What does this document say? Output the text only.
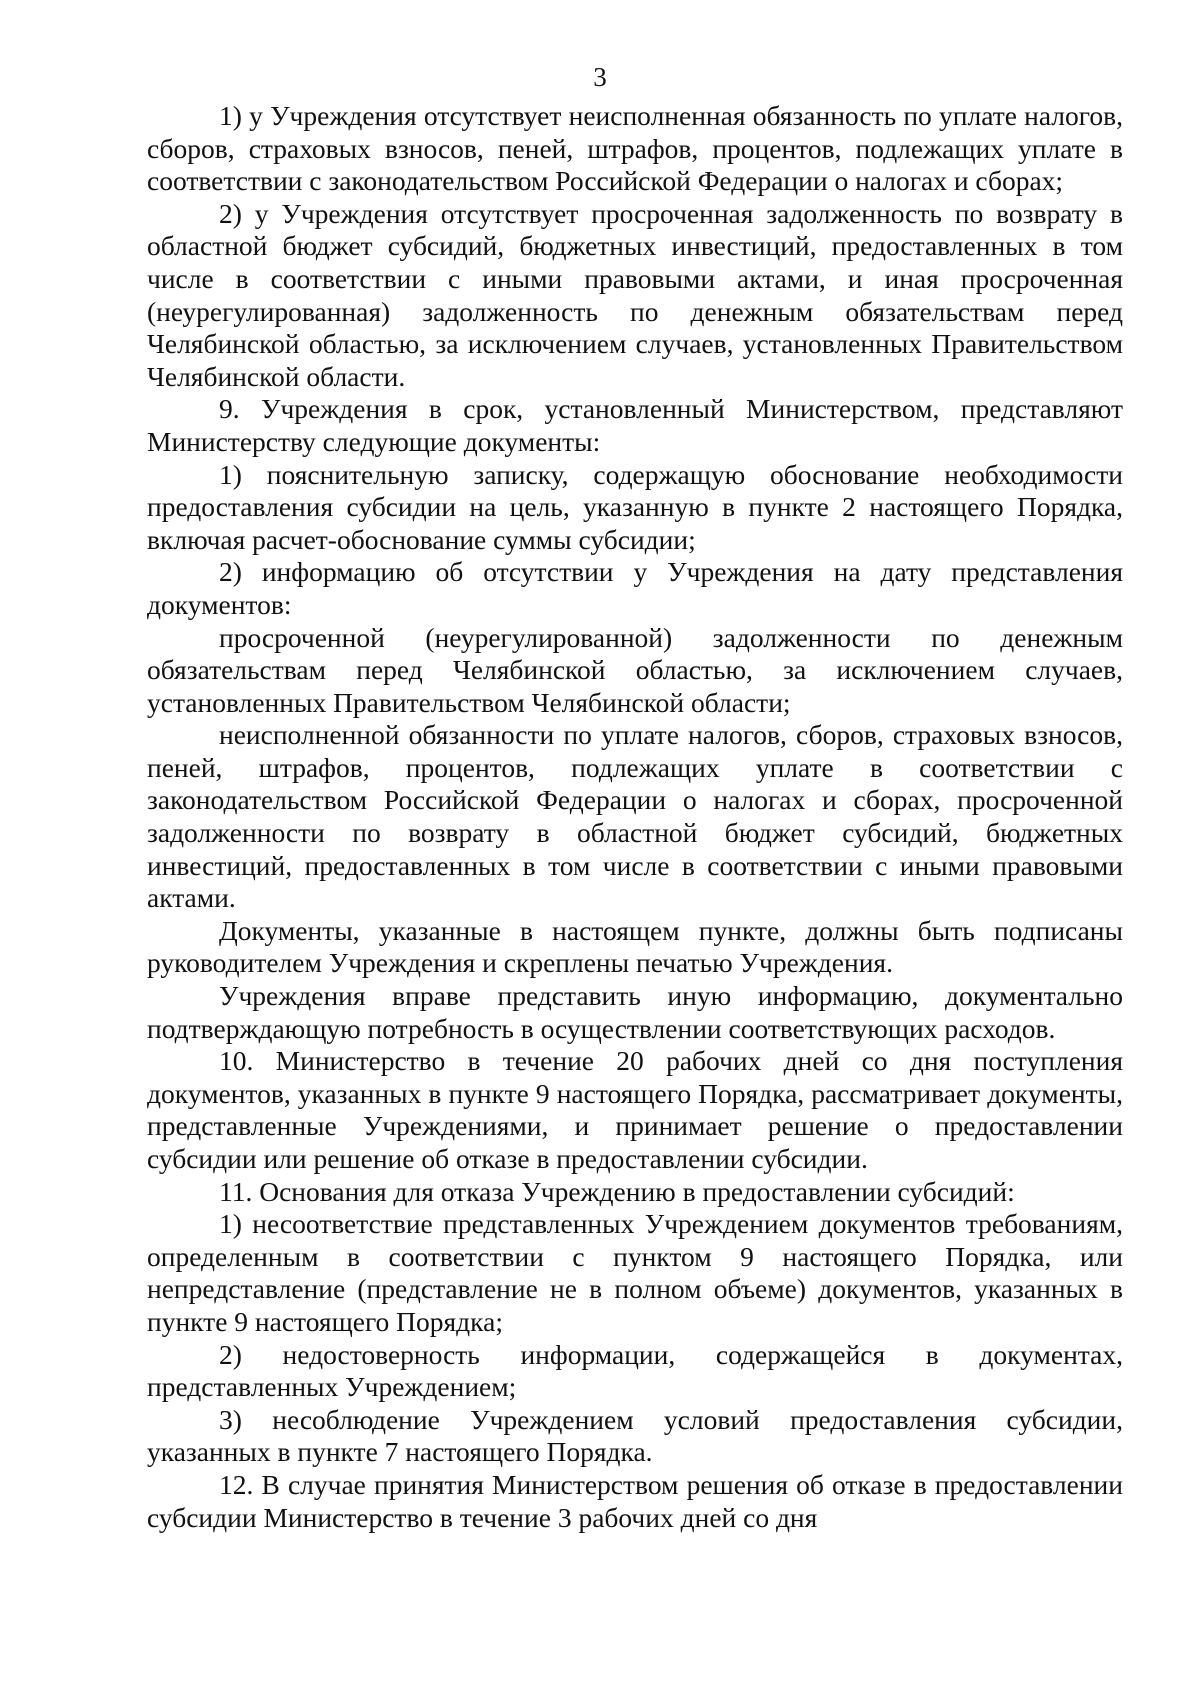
3

1) у Учреждения отсутствует неисполненная обязанность по уплате налогов, сборов, страховых взносов, пеней, штрафов, процентов, подлежащих уплате в соответствии с законодательством Российской Федерации о налогах и сборах;

2) у Учреждения отсутствует просроченная задолженность по возврату в областной бюджет субсидий, бюджетных инвестиций, предоставленных в том числе в соответствии с иными правовыми актами, и иная просроченная (неурегулированная) задолженность по денежным обязательствам перед Челябинской областью, за исключением случаев, установленных Правительством Челябинской области.

9. Учреждения в срок, установленный Министерством, представляют Министерству следующие документы:

1) пояснительную записку, содержащую обоснование необходимости предоставления субсидии на цель, указанную в пункте 2 настоящего Порядка, включая расчет-обоснование суммы субсидии;

2) информацию об отсутствии у Учреждения на дату представления документов:

просроченной (неурегулированной) задолженности по денежным обязательствам перед Челябинской областью, за исключением случаев, установленных Правительством Челябинской области;

неисполненной обязанности по уплате налогов, сборов, страховых взносов, пеней, штрафов, процентов, подлежащих уплате в соответствии с законодательством Российской Федерации о налогах и сборах, просроченной задолженности по возврату в областной бюджет субсидий, бюджетных инвестиций, предоставленных в том числе в соответствии с иными правовыми актами.

Документы, указанные в настоящем пункте, должны быть подписаны руководителем Учреждения и скреплены печатью Учреждения.

Учреждения вправе представить иную информацию, документально подтверждающую потребность в осуществлении соответствующих расходов.

10. Министерство в течение 20 рабочих дней со дня поступления документов, указанных в пункте 9 настоящего Порядка, рассматривает документы, представленные Учреждениями, и принимает решение о предоставлении субсидии или решение об отказе в предоставлении субсидии.

11. Основания для отказа Учреждению в предоставлении субсидий:

1) несоответствие представленных Учреждением документов требованиям, определенным в соответствии с пунктом 9 настоящего Порядка, или непредставление (представление не в полном объеме) документов, указанных в пункте 9 настоящего Порядка;

2) недостоверность информации, содержащейся в документах, представленных Учреждением;

3) несоблюдение Учреждением условий предоставления субсидии, указанных в пункте 7 настоящего Порядка.

12. В случае принятия Министерством решения об отказе в предоставлении субсидии Министерство в течение 3 рабочих дней со дня
